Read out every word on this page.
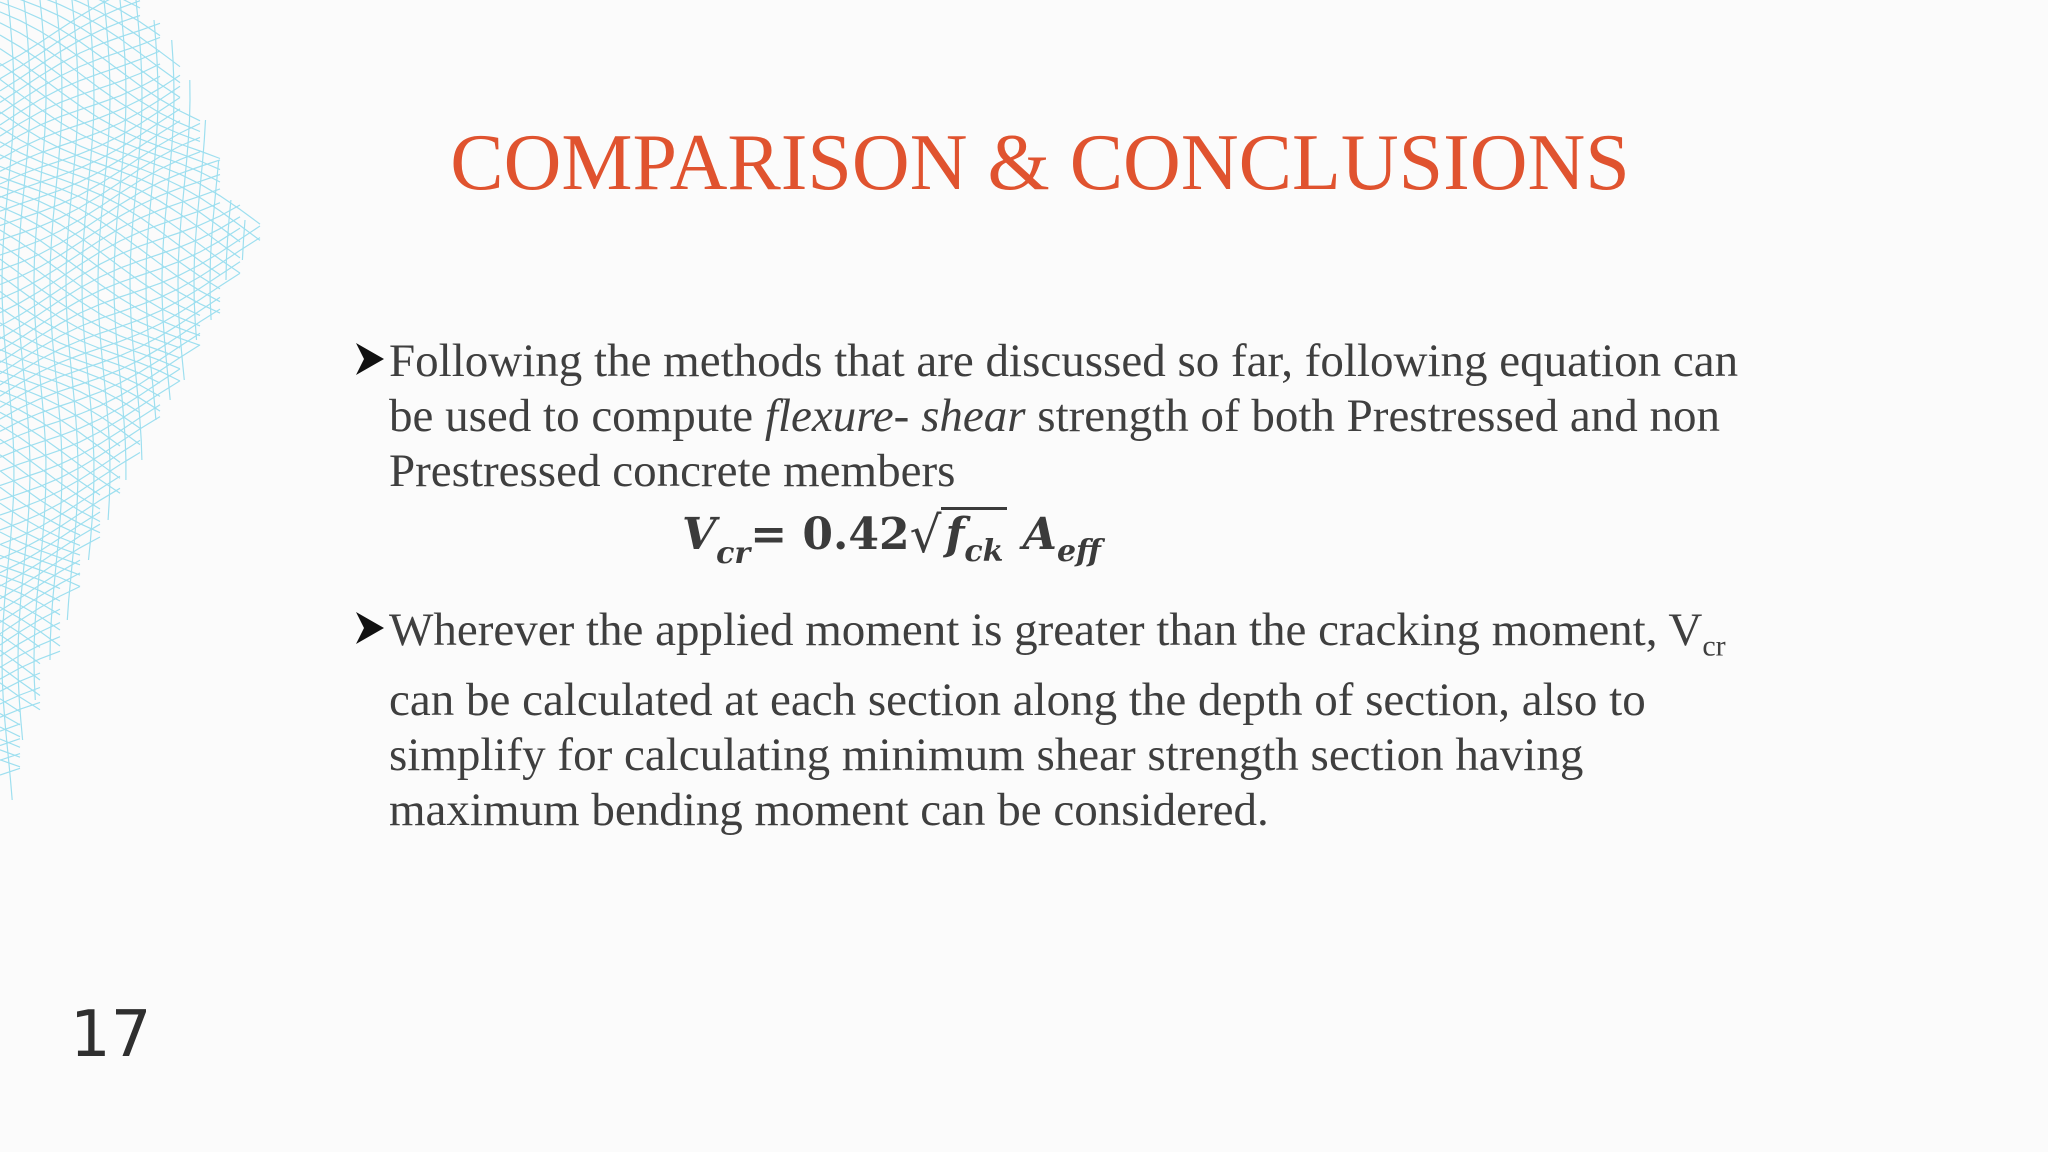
COMPARISON & CONCLUSIONS
Following the methods that are discussed so far, following equation can be used to compute flexure- shear strength of both Prestressed and non Prestressed concrete members
$V_{cr}= 0.42√f_{ck}$ $A_{eff}$
Wherever the applied moment is greater than the cracking moment, $V_{cr}$ can be calculated at each section along the depth of section, also to simplify for calculating minimum shear strength section having maximum bending moment can be considered.
17
